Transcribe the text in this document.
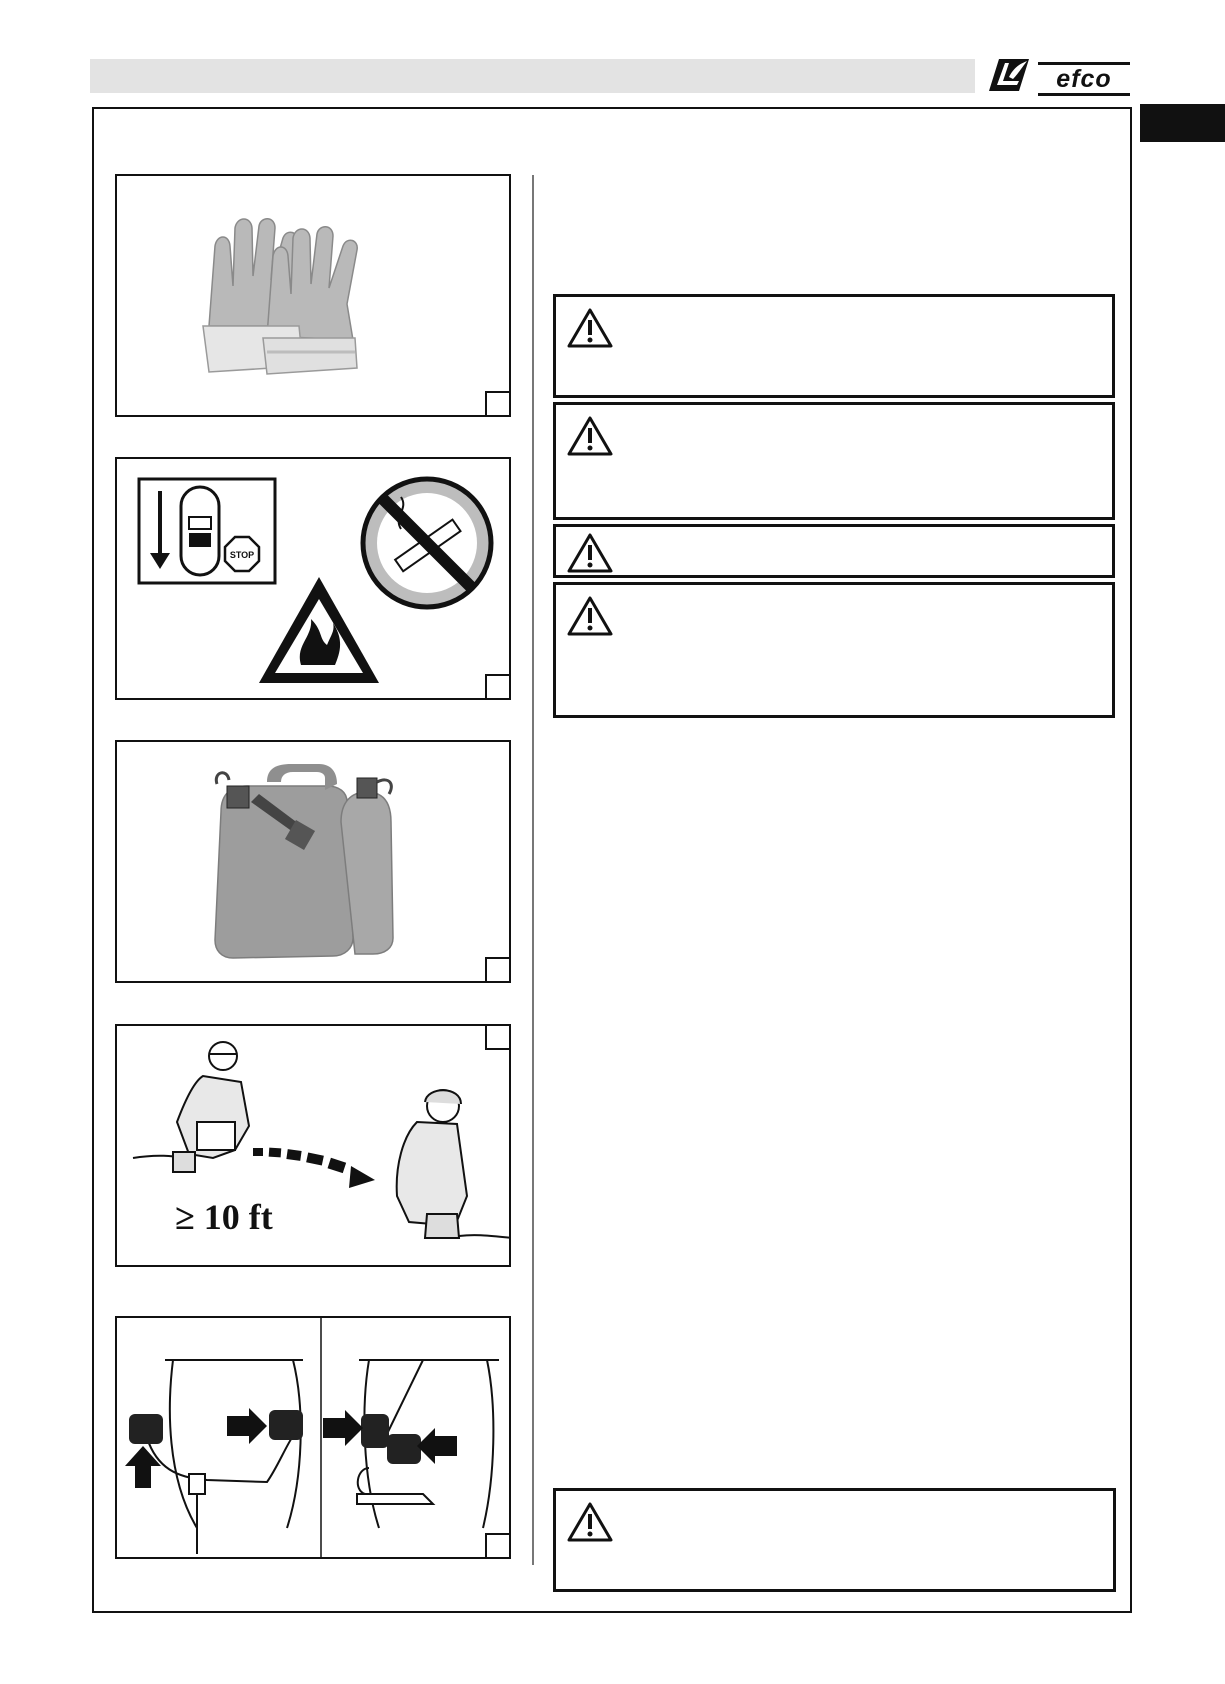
efco
STOP
≥ 10 ft
